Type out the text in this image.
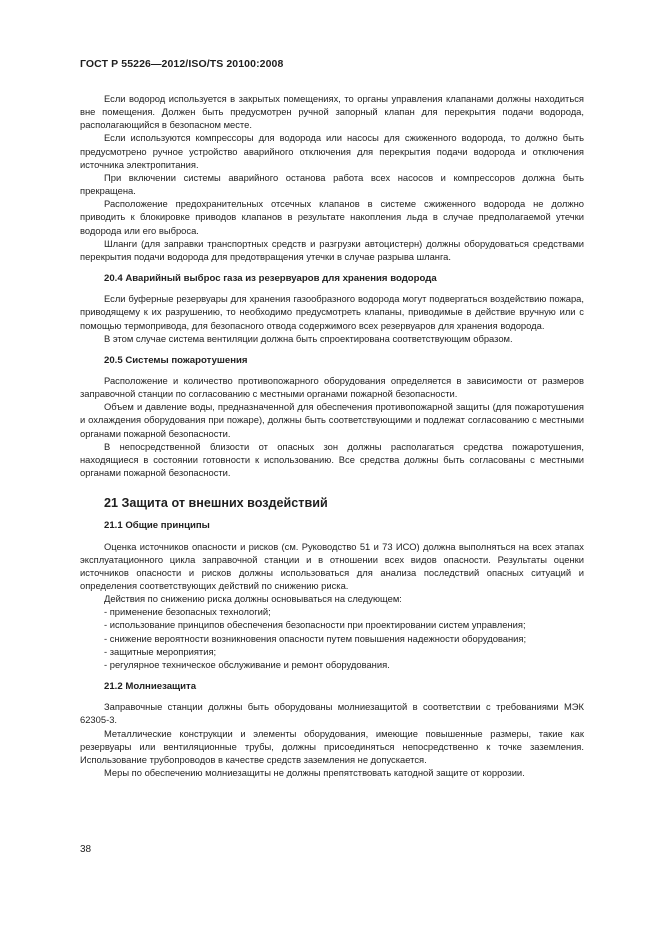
ГОСТ Р 55226—2012/ISO/TS 20100:2008

Если водород используется в закрытых помещениях, то органы управления клапанами должны находиться вне помещения. Должен быть предусмотрен ручной запорный клапан для перекрытия подачи водорода, располагающийся в безопасном месте.

Если используются компрессоры для водорода или насосы для сжиженного водорода, то должно быть предусмотрено ручное устройство аварийного отключения для перекрытия подачи водорода и отключения источника электропитания.

При включении системы аварийного останова работа всех насосов и компрессоров должна быть прекращена.

Расположение предохранительных отсечных клапанов в системе сжиженного водорода не должно приводить к блокировке приводов клапанов в результате накопления льда в случае предполагаемой утечки водорода или его выброса.

Шланги (для заправки транспортных средств и разгрузки автоцистерн) должны оборудоваться средствами перекрытия подачи водорода для предотвращения утечки в случае разрыва шланга.

20.4 Аварийный выброс газа из резервуаров для хранения водорода

Если буферные резервуары для хранения газообразного водорода могут подвергаться воздействию пожара, приводящему к их разрушению, то необходимо предусмотреть клапаны, приводимые в действие вручную или с помощью термопривода, для безопасного отвода содержимого всех резервуаров для хранения водорода.

В этом случае система вентиляции должна быть спроектирована соответствующим образом.

20.5 Системы пожаротушения

Расположение и количество противопожарного оборудования определяется в зависимости от размеров заправочной станции по согласованию с местными органами пожарной безопасности.

Объем и давление воды, предназначенной для обеспечения противопожарной защиты (для пожаротушения и охлаждения оборудования при пожаре), должны быть соответствующими и подлежат согласованию с местными органами пожарной безопасности.

В непосредственной близости от опасных зон должны располагаться средства пожаротушения, находящиеся в состоянии готовности к использованию. Все средства должны быть согласованы с местными органами пожарной безопасности.

21 Защита от внешних воздействий
21.1 Общие принципы

Оценка источников опасности и рисков (см. Руководство 51 и 73 ИСО) должна выполняться на всех этапах эксплуатационного цикла заправочной станции и в отношении всех видов опасности. Результаты оценки источников опасности и рисков должны использоваться для анализа последствий опасных ситуаций и определения соответствующих действий по снижению риска.

Действия по снижению риска должны основываться на следующем:

- применение безопасных технологий;

- использование принципов обеспечения безопасности при проектировании систем управления;

- снижение вероятности возникновения опасности путем повышения надежности оборудования;

- защитные мероприятия;

- регулярное техническое обслуживание и ремонт оборудования.

21.2 Молниезащита

Заправочные станции должны быть оборудованы молниезащитой в соответствии с требованиями МЭК 62305-3.

Металлические конструкции и элементы оборудования, имеющие повышенные размеры, такие как резервуары или вентиляционные трубы, должны присоединяться непосредственно к точке заземления. Использование трубопроводов в качестве средств заземления не допускается.

Меры по обеспечению молниезащиты не должны препятствовать катодной защите от коррозии.

38
